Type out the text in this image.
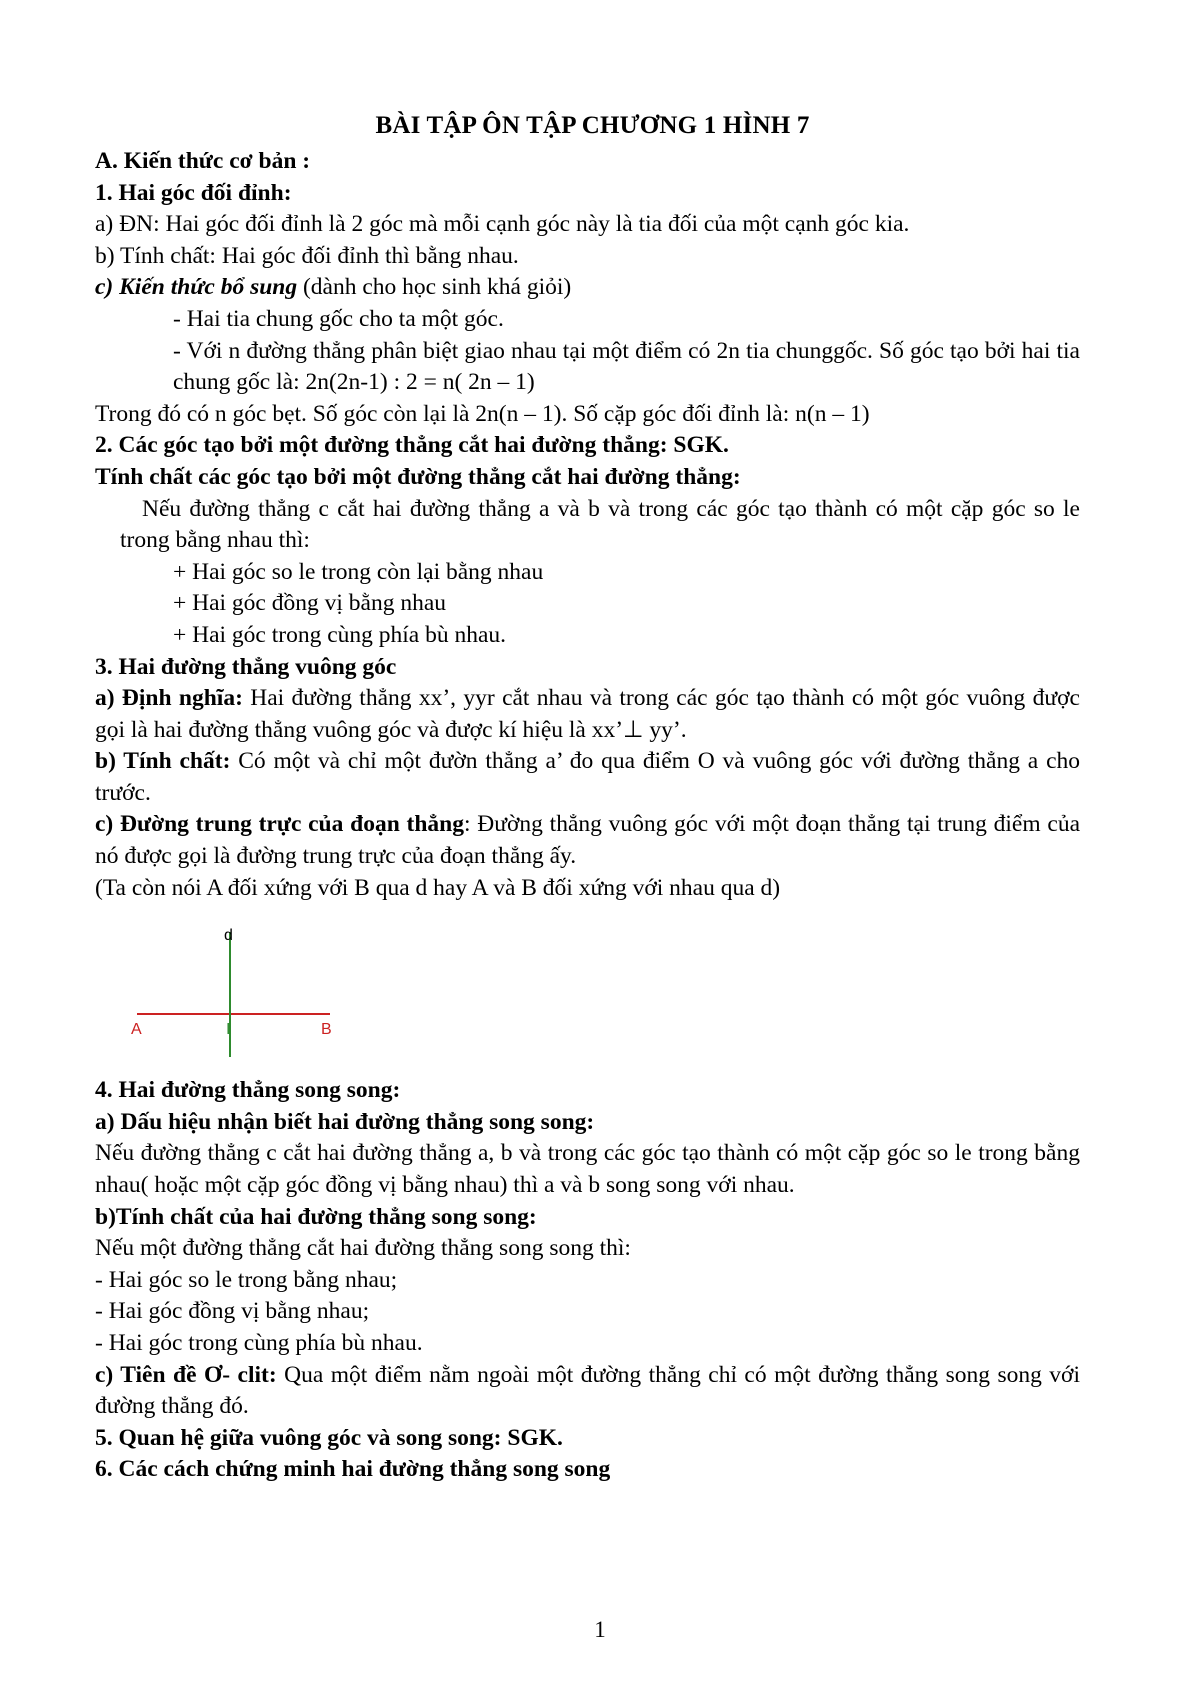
BÀI TẬP ÔN TẬP CHƯƠNG 1 HÌNH 7

A. Kiến thức cơ bản :

1. Hai góc đối đỉnh:

a) ĐN: Hai góc đối đỉnh là 2 góc mà mỗi cạnh góc này là tia đối của một cạnh góc kia.

b) Tính chất: Hai góc đối đỉnh thì bằng nhau.

c) Kiến thức bổ sung (dành cho học sinh khá giỏi)

- Hai tia chung gốc cho ta một góc.

- Với n đường thẳng phân biệt giao nhau tại một điểm có 2n tia chunggốc. Số góc tạo bởi hai tia chung gốc là: 2n(2n-1) : 2 = n( 2n – 1)

Trong đó có n góc bẹt. Số góc còn lại là 2n(n – 1). Số cặp góc đối đỉnh là: n(n – 1)

2. Các góc tạo bởi một đường thẳng cắt hai đường thẳng: SGK.

Tính chất các góc tạo bởi một đường thẳng cắt hai đường thẳng:

Nếu đường thẳng c cắt hai đường thẳng a và b và trong các góc tạo thành có một cặp góc so le trong bằng nhau thì:

+ Hai góc so le trong còn lại bằng nhau

+ Hai góc đồng vị bằng nhau

+ Hai góc trong cùng phía bù nhau.

3. Hai đường thẳng vuông góc

a) Định nghĩa: Hai đường thẳng xx’, yyr cắt nhau và trong các góc tạo thành có một góc vuông được gọi là hai đường thẳng vuông góc và được kí hiệu là xx’⊥ yy’.

b) Tính chất: Có một và chỉ một đườn thẳng a’ đo qua điểm O và vuông góc với đường thẳng a cho trước.

c) Đường trung trực của đoạn thẳng: Đường thẳng vuông góc với một đoạn thẳng tại trung điểm của nó được gọi là đường trung trực của đoạn thẳng ấy.

(Ta còn nói A đối xứng với B qua d hay A và B đối xứng với nhau qua d)

d
A	I	B

4. Hai đường thẳng song song:

a) Dấu hiệu nhận biết hai đường thẳng song song:

Nếu đường thẳng c cắt hai đường thẳng a, b và trong các góc tạo thành có một cặp góc so le trong bằng nhau( hoặc một cặp góc đồng vị bằng nhau) thì a và b song song với nhau.

b)Tính chất của hai đường thẳng song song:

Nếu một đường thẳng cắt hai đường thẳng song song thì:

- Hai góc so le trong bằng nhau;

- Hai góc đồng vị bằng nhau;

- Hai góc trong cùng phía bù nhau.

c) Tiên đề Ơ- clit: Qua một điểm nằm ngoài một đường thẳng chỉ có một đường thẳng song song với đường thẳng đó.

5. Quan hệ giữa vuông góc và song song: SGK.

6. Các cách chứng minh hai đường thẳng song song

1
